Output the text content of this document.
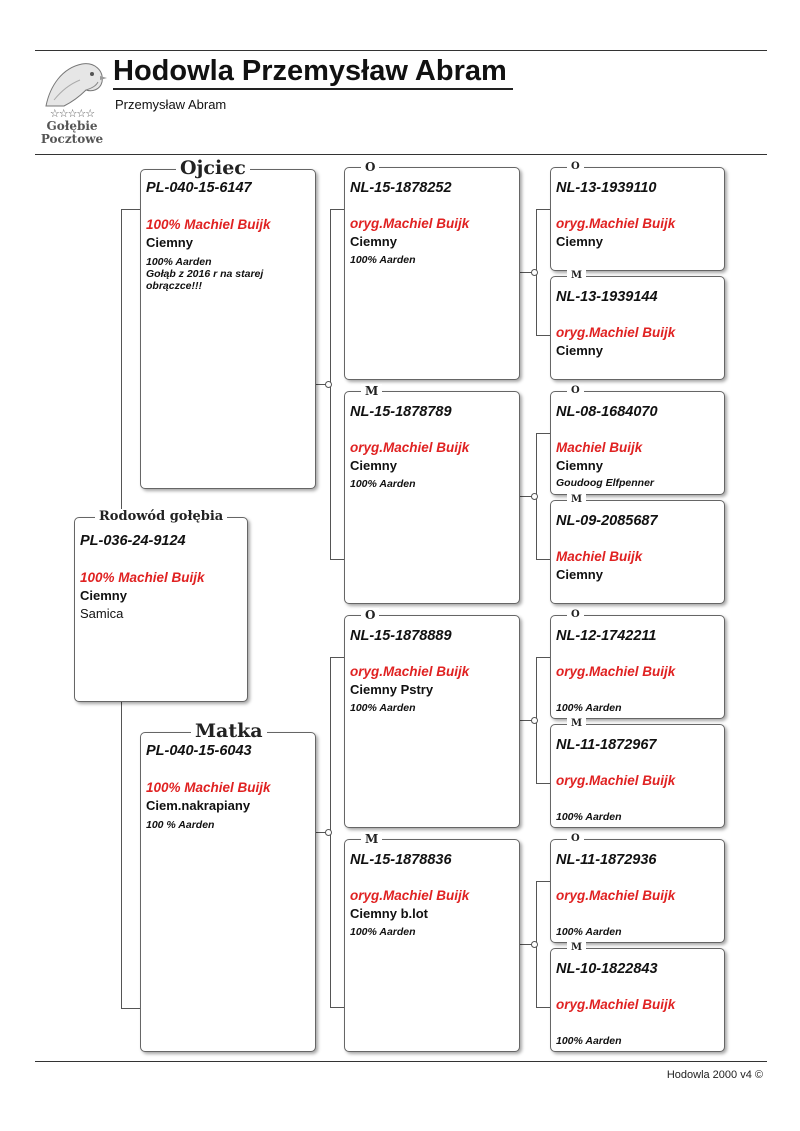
☆☆☆☆☆
Gołębie
Pocztowe
Hodowla Przemysław Abram
Przemysław Abram
Rodowód gołębia
PL-036-24-9124
100% Machiel Buijk
Ciemny
Samica
Ojciec
PL-040-15-6147
100% Machiel Buijk
Ciemny
100% Aarden
Gołąb z 2016 r na starej
obrączce!!!
Matka
PL-040-15-6043
100% Machiel Buijk
Ciem.nakrapiany
100 % Aarden
O
NL-15-1878252
oryg.Machiel Buijk
Ciemny
100% Aarden
M
NL-15-1878789
oryg.Machiel Buijk
Ciemny
100% Aarden
O
NL-15-1878889
oryg.Machiel Buijk
Ciemny Pstry
100% Aarden
M
NL-15-1878836
oryg.Machiel Buijk
Ciemny b.lot
100% Aarden
O
NL-13-1939110
oryg.Machiel Buijk
Ciemny
M
NL-13-1939144
oryg.Machiel Buijk
Ciemny
O
NL-08-1684070
Machiel Buijk
Ciemny
Goudoog Elfpenner
M
NL-09-2085687
Machiel Buijk
Ciemny
O
NL-12-1742211
oryg.Machiel Buijk
100% Aarden
M
NL-11-1872967
oryg.Machiel Buijk
100% Aarden
O
NL-11-1872936
oryg.Machiel Buijk
100% Aarden
M
NL-10-1822843
oryg.Machiel Buijk
100% Aarden
Hodowla 2000 v4 ©
